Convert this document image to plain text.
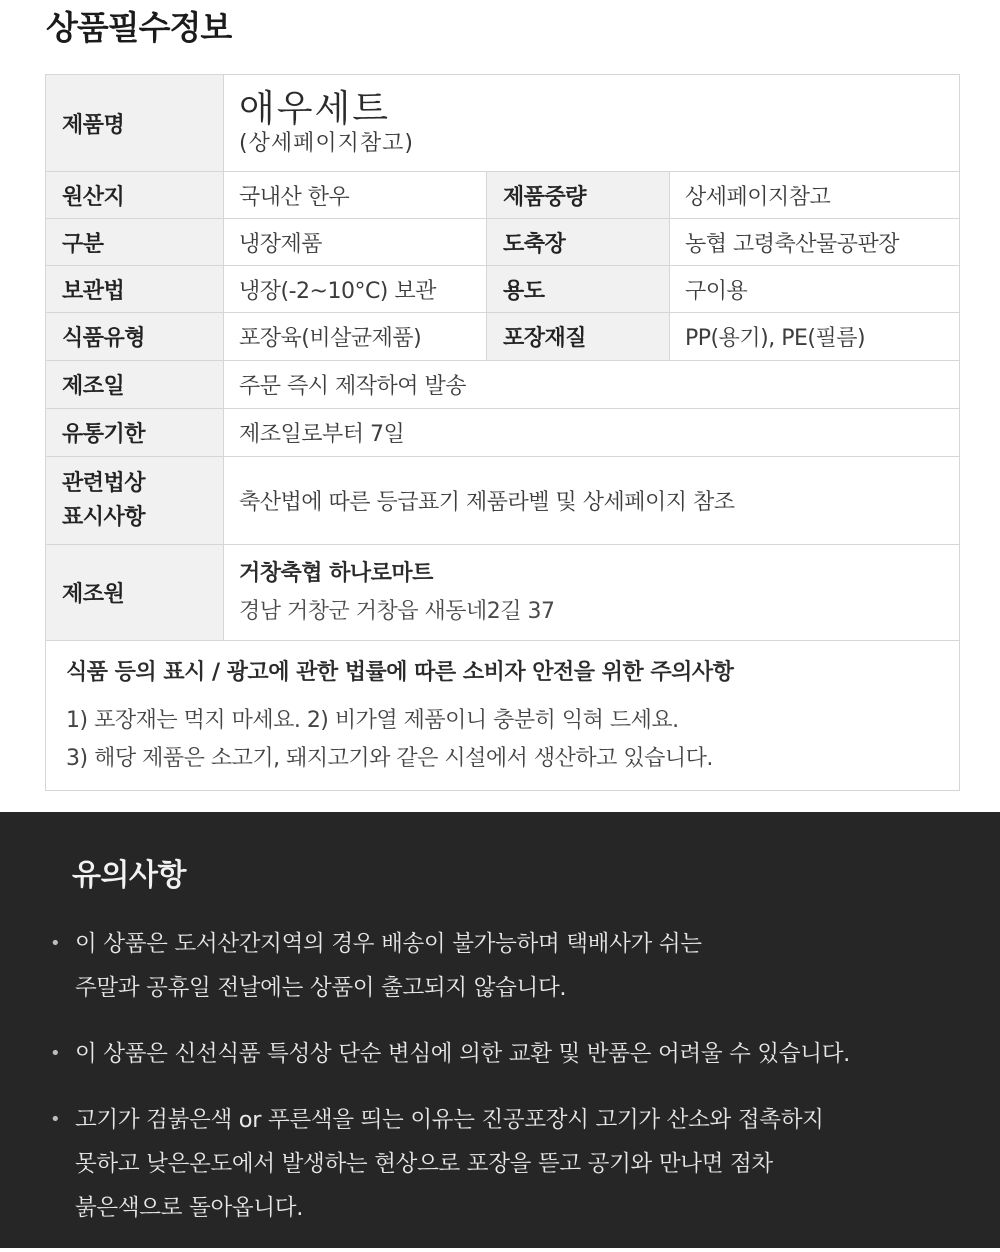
상품필수정보
제품명	애우세트
(상세페이지참고)		

원산지	국내산 한우	제품중량	상세페이지참고
구분	냉장제품	도축장	농협 고령축산물공판장
보관법	냉장(-2~10°C) 보관	용도	구이용
식품유형	포장육(비살균제품)	포장재질	PP(용기), PE(필름)
제조일	주문 즉시 제작하여 발송		
유통기한	제조일로부터 7일		

관련법상
표시사항	축산법에 따른 등급표기 제품라벨 및 상세페이지 참조		
제조원	거창축협 하나로마트
경남 거창군 거창읍 새동네2길 37		

식품 등의 표시 / 광고에 관한 법률에 따른 소비자 안전을 위한 주의사항
1) 포장재는 먹지 마세요. 2) 비가열 제품이니 충분히 익혀 드세요.
3) 해당 제품은 소고기, 돼지고기와 같은 시설에서 생산하고 있습니다.			
유의사항
• 이 상품은 도서산간지역의 경우 배송이 불가능하며 택배사가 쉬는
주말과 공휴일 전날에는 상품이 출고되지 않습니다.
• 이 상품은 신선식품 특성상 단순 변심에 의한 교환 및 반품은 어려울 수 있습니다.
• 고기가 검붉은색 or 푸른색을 띄는 이유는 진공포장시 고기가 산소와 접촉하지
못하고 낮은온도에서 발생하는 현상으로 포장을 뜯고 공기와 만나면 점차
붉은색으로 돌아옵니다.
